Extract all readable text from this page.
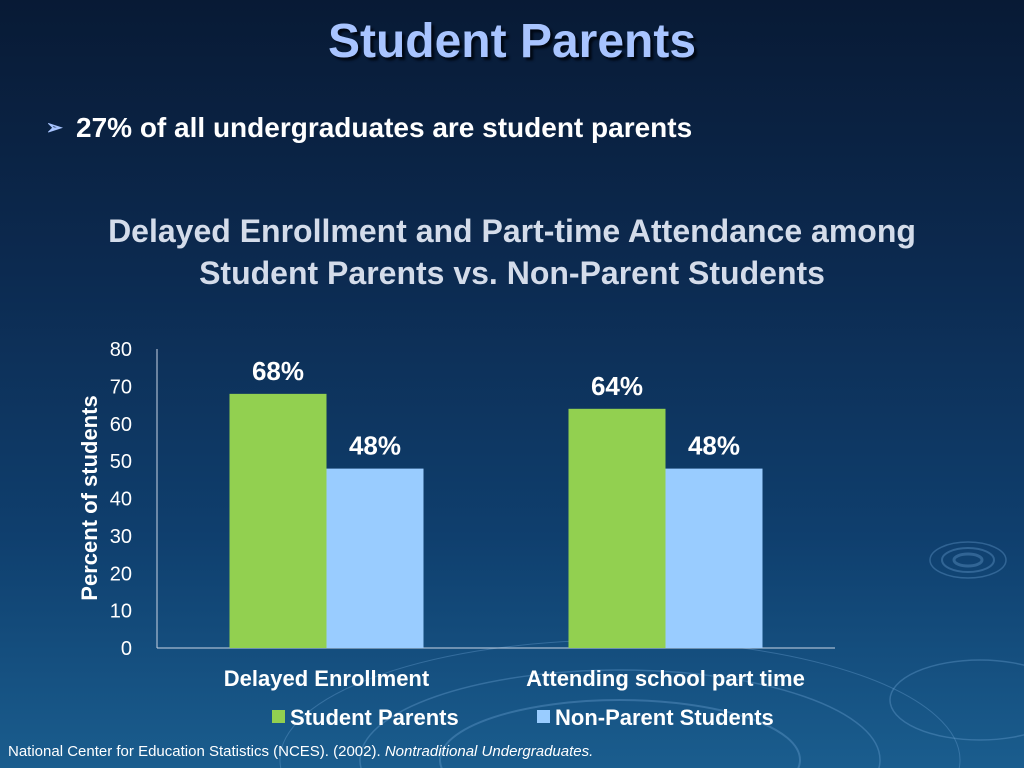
Student Parents
➢ 27% of all undergraduates are student parents
Delayed Enrollment and Part-time Attendance among
Student Parents vs. Non-Parent Students
0
10
20
30
40
50
60
70
80
Percent of students
68%
48%
Delayed Enrollment
64%
48%
Attending school part time
Student Parents	Non-Parent Students
National Center for Education Statistics (NCES). (2002). Nontraditional Undergraduates.
